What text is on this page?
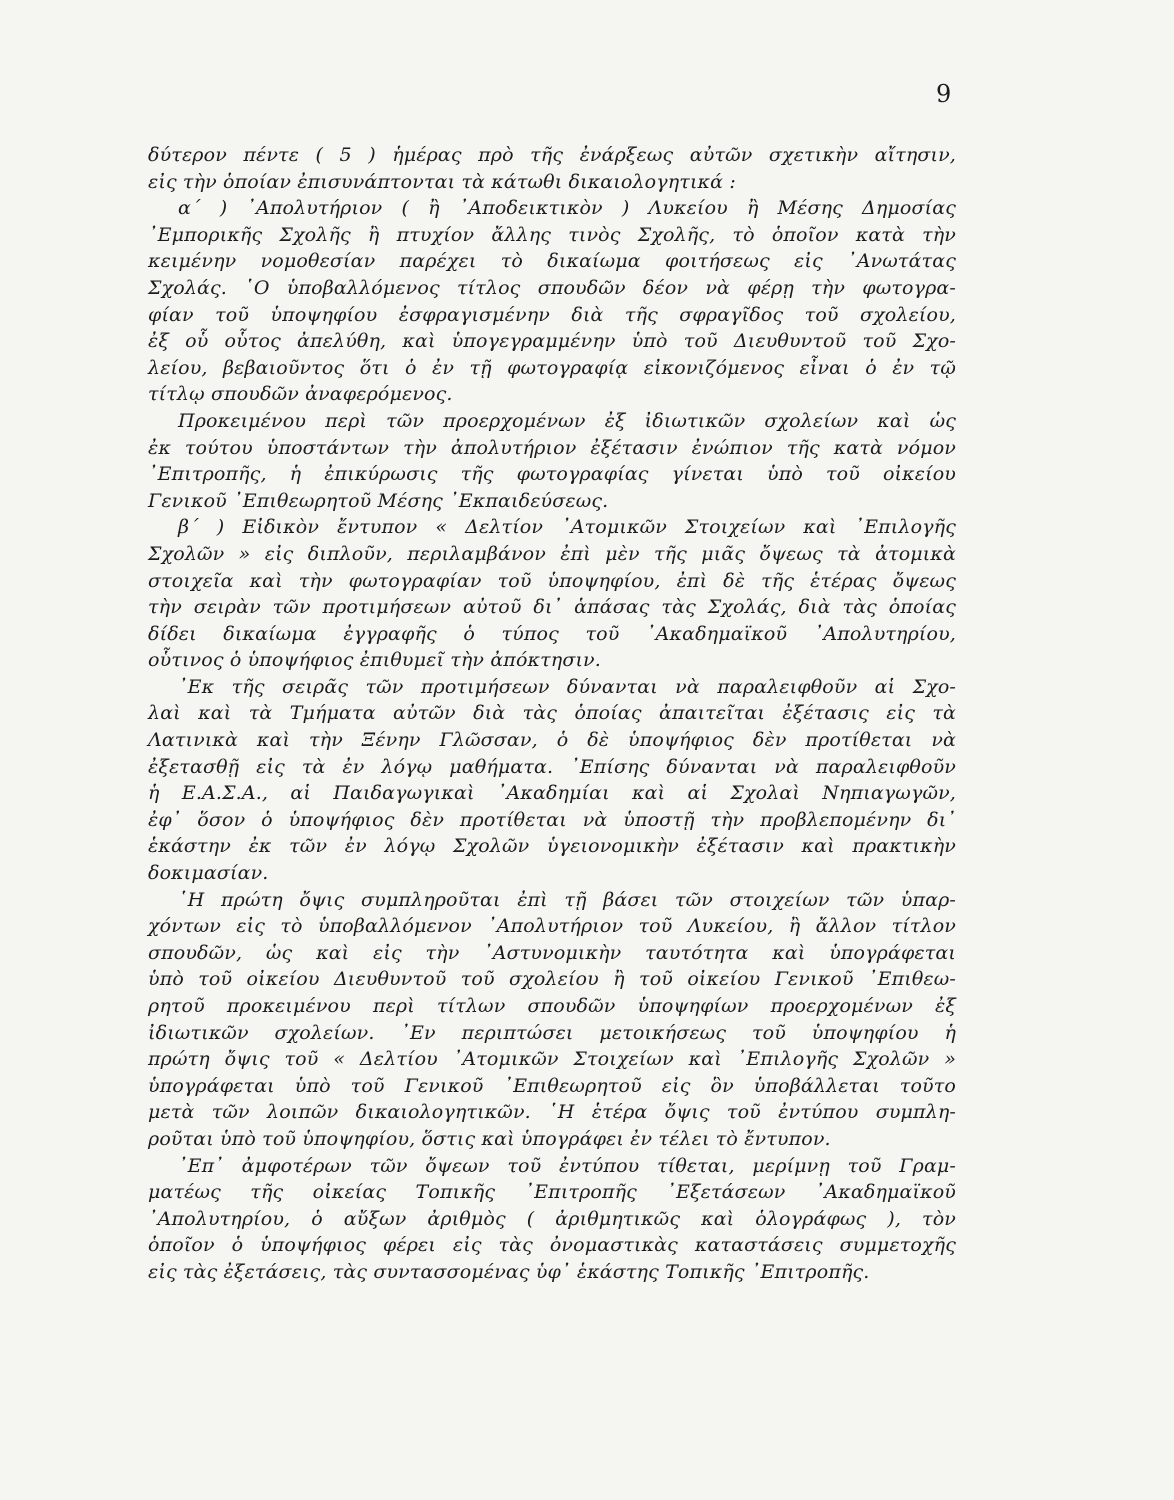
9
δύτερον πέντε ( 5 ) ἡμέρας πρὸ τῆς ἐνάρξεως αὐτῶν σχετικὴν αἴτησιν,
εἰς τὴν ὁποίαν ἐπισυνάπτονται τὰ κάτωθι δικαιολογητικά :
α΄ ) ᾿Απολυτήριον ( ἢ ᾿Αποδεικτικὸν ) Λυκείου ἢ Μέσης Δημοσίας
᾿Εμπορικῆς Σχολῆς ἢ πτυχίον ἄλλης τινὸς Σχολῆς, τὸ ὁποῖον κατὰ τὴν
κειμένην νομοθεσίαν παρέχει τὸ δικαίωμα φοιτήσεως εἰς ᾿Ανωτάτας
Σχολάς. ῾Ο ὑποβαλλόμενος τίτλος σπουδῶν δέον νὰ φέρῃ τὴν φωτογρα-
φίαν τοῦ ὑποψηφίου ἐσφραγισμένην διὰ τῆς σφραγῖδος τοῦ σχολείου,
ἐξ οὗ οὗτος ἀπελύθη, καὶ ὑπογεγραμμένην ὑπὸ τοῦ Διευθυντοῦ τοῦ Σχο-
λείου, βεβαιοῦντος ὅτι ὁ ἐν τῇ φωτογραφίᾳ εἰκονιζόμενος εἶναι ὁ ἐν τῷ
τίτλῳ σπουδῶν ἀναφερόμενος.
Προκειμένου περὶ τῶν προερχομένων ἐξ ἰδιωτικῶν σχολείων καὶ ὡς
ἐκ τούτου ὑποστάντων τὴν ἀπολυτήριον ἐξέτασιν ἐνώπιον τῆς κατὰ νόμον
᾿Επιτροπῆς, ἡ ἐπικύρωσις τῆς φωτογραφίας γίνεται ὑπὸ τοῦ οἰκείου
Γενικοῦ ᾿Επιθεωρητοῦ Μέσης ᾿Εκπαιδεύσεως.
β΄ ) Εἰδικὸν ἔντυπον « Δελτίον ᾿Ατομικῶν Στοιχείων καὶ ᾿Επιλογῆς
Σχολῶν » εἰς διπλοῦν, περιλαμβάνον ἐπὶ μὲν τῆς μιᾶς ὄψεως τὰ ἀτομικὰ
στοιχεῖα καὶ τὴν φωτογραφίαν τοῦ ὑποψηφίου, ἐπὶ δὲ τῆς ἑτέρας ὄψεως
τὴν σειρὰν τῶν προτιμήσεων αὐτοῦ δι᾿ ἁπάσας τὰς Σχολάς, διὰ τὰς ὁποίας
δίδει δικαίωμα ἐγγραφῆς ὁ τύπος τοῦ ᾿Ακαδημαϊκοῦ ᾿Απολυτηρίου,
οὗτινος ὁ ὑποψήφιος ἐπιθυμεῖ τὴν ἀπόκτησιν.
᾿Εκ τῆς σειρᾶς τῶν προτιμήσεων δύνανται νὰ παραλειφθοῦν αἱ Σχο-
λαὶ καὶ τὰ Τμήματα αὐτῶν διὰ τὰς ὁποίας ἀπαιτεῖται ἐξέτασις εἰς τὰ
Λατινικὰ καὶ τὴν Ξένην Γλῶσσαν, ὁ δὲ ὑποψήφιος δὲν προτίθεται νὰ
ἐξετασθῇ εἰς τὰ ἐν λόγῳ μαθήματα. ᾿Επίσης δύνανται νὰ παραλειφθοῦν
ἡ Ε.Α.Σ.Α., αἱ Παιδαγωγικαὶ ᾿Ακαδημίαι καὶ αἱ Σχολαὶ Νηπιαγωγῶν,
ἐφ᾿ ὅσον ὁ ὑποψήφιος δὲν προτίθεται νὰ ὑποστῇ τὴν προβλεπομένην δι᾿
ἑκάστην ἐκ τῶν ἐν λόγῳ Σχολῶν ὑγειονομικὴν ἐξέτασιν καὶ πρακτικὴν
δοκιμασίαν.
῾Η πρώτη ὄψις συμπληροῦται ἐπὶ τῇ βάσει τῶν στοιχείων τῶν ὑπαρ-
χόντων εἰς τὸ ὑποβαλλόμενον ᾿Απολυτήριον τοῦ Λυκείου, ἢ ἄλλον τίτλον
σπουδῶν, ὡς καὶ εἰς τὴν ᾿Αστυνομικὴν ταυτότητα καὶ ὑπογράφεται
ὑπὸ τοῦ οἰκείου Διευθυντοῦ τοῦ σχολείου ἢ τοῦ οἰκείου Γενικοῦ ᾿Επιθεω-
ρητοῦ προκειμένου περὶ τίτλων σπουδῶν ὑποψηφίων προερχομένων ἐξ
ἰδιωτικῶν σχολείων. ᾿Εν περιπτώσει μετοικήσεως τοῦ ὑποψηφίου ἡ
πρώτη ὄψις τοῦ « Δελτίου ᾿Ατομικῶν Στοιχείων καὶ ᾿Επιλογῆς Σχολῶν »
ὑπογράφεται ὑπὸ τοῦ Γενικοῦ ᾿Επιθεωρητοῦ εἰς ὃν ὑποβάλλεται τοῦτο
μετὰ τῶν λοιπῶν δικαιολογητικῶν. ῾Η ἑτέρα ὄψις τοῦ ἐντύπου συμπλη-
ροῦται ὑπὸ τοῦ ὑποψηφίου, ὅστις καὶ ὑπογράφει ἐν τέλει τὸ ἔντυπον.
᾿Επ᾿ ἀμφοτέρων τῶν ὄψεων τοῦ ἐντύπου τίθεται, μερίμνῃ τοῦ Γραμ-
ματέως τῆς οἰκείας Τοπικῆς ᾿Επιτροπῆς ᾿Εξετάσεων ᾿Ακαδημαϊκοῦ
᾿Απολυτηρίου, ὁ αὔξων ἀριθμὸς ( ἀριθμητικῶς καὶ ὁλογράφως ), τὸν
ὁποῖον ὁ ὑποψήφιος φέρει εἰς τὰς ὀνομαστικὰς καταστάσεις συμμετοχῆς
εἰς τὰς ἐξετάσεις, τὰς συντασσομένας ὑφ᾿ ἑκάστης Τοπικῆς ᾿Επιτροπῆς.
